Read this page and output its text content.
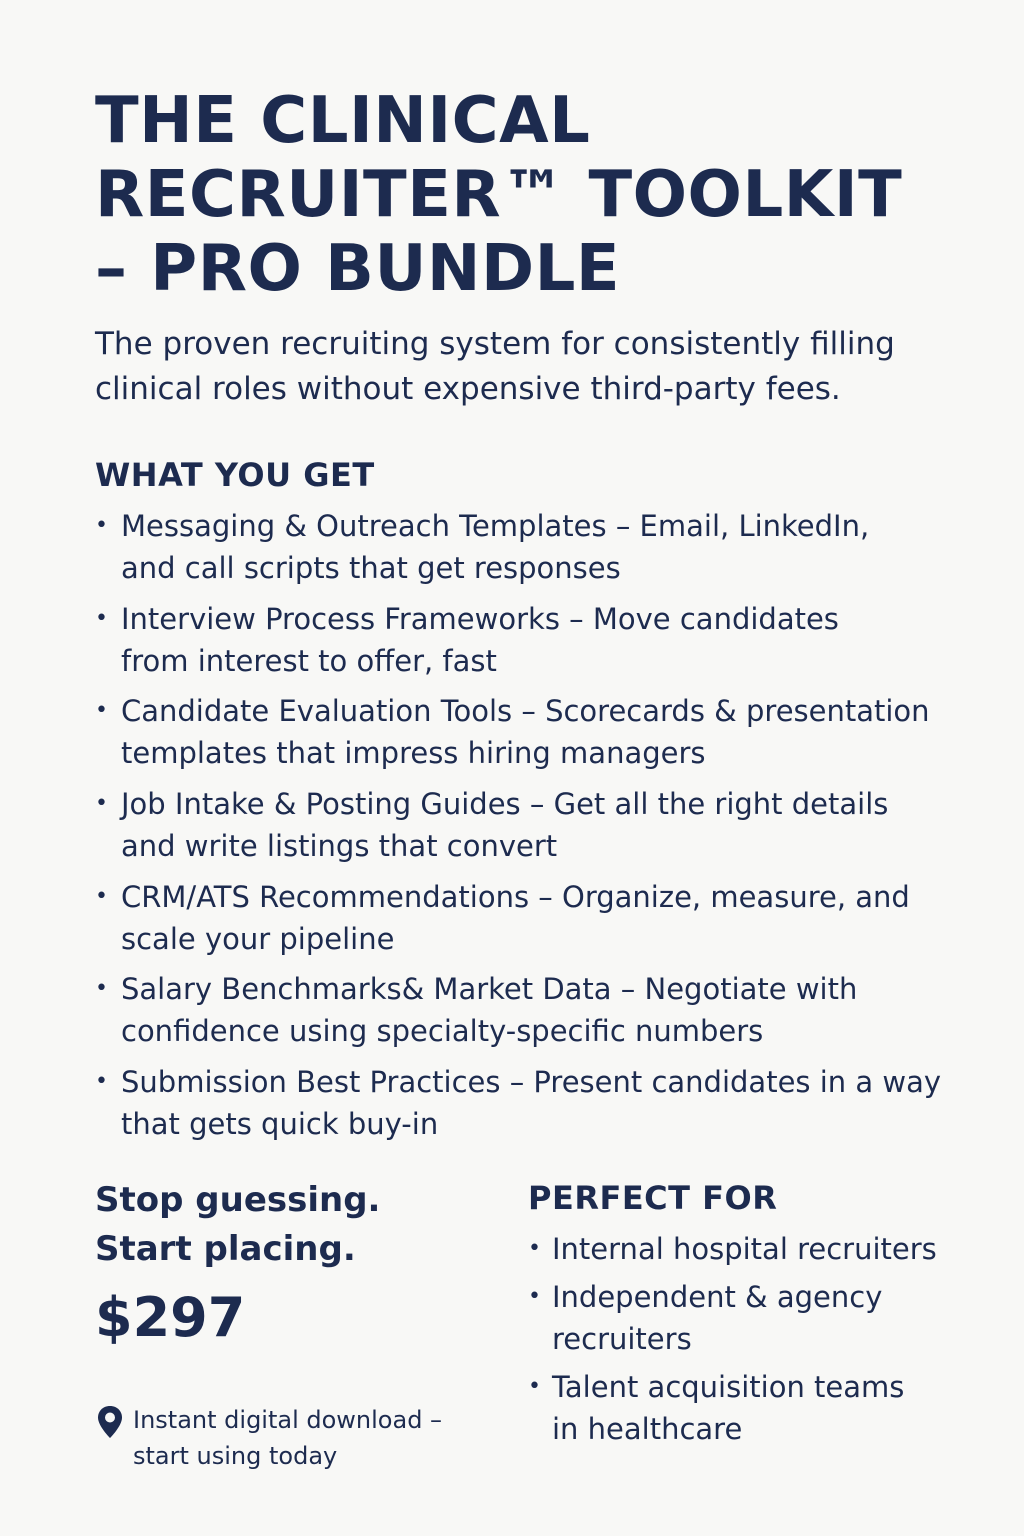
THE CLINICAL
RECRUITER™ TOOLKIT
– PRO BUNDLE
The proven recruiting system for consistently filling
clinical roles without expensive third-party fees.
WHAT YOU GET
• Messaging & Outreach Templates – Email, LinkedIn,
and call scripts that get responses
• Interview Process Frameworks – Move candidates
from interest to offer, fast
• Candidate Evaluation Tools – Scorecards & presentation
templates that impress hiring managers
• Job Intake & Posting Guides – Get all the right details
and write listings that convert
• CRM/ATS Recommendations – Organize, measure, and
scale your pipeline
• Salary Benchmarks& Market Data – Negotiate with
confidence using specialty-specific numbers
• Submission Best Practices – Present candidates in a way
that gets quick buy-in
Stop guessing.
Start placing.
$297
Instant digital download –
start using today
PERFECT FOR
• Internal hospital recruiters
• Independent & agency
recruiters
• Talent acquisition teams
in healthcare
